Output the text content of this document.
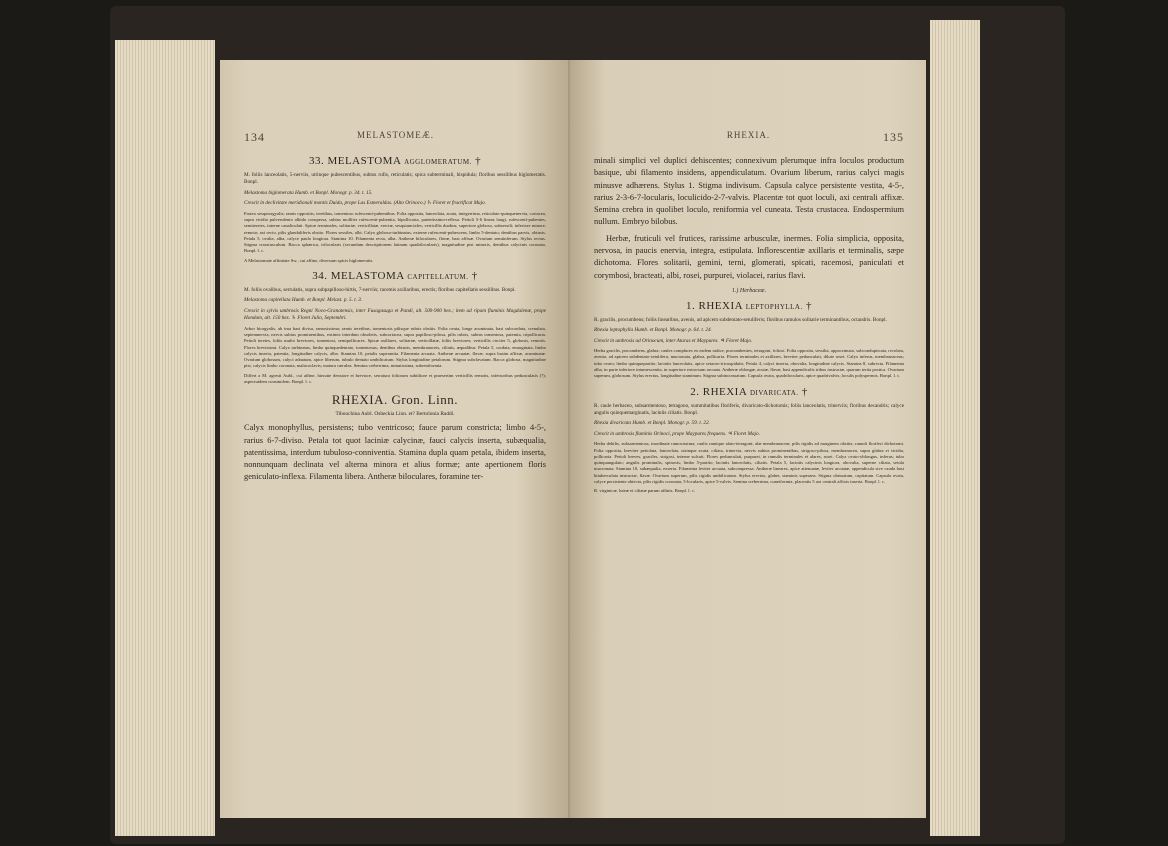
134	MELASTOMEÆ.
33. MELASTOMA AGGLOMERATUM. †

M. foliis lanceolatis, 5-nerviis, utrinque pubescentibus, subtus rufis, reticulatis; spica subterminali, hispidula; floribus sessilibus biglomeratis. Bonpl.

Melastoma biglomerata Humb. et Bonpl. Monogr. p. 34. t. 15.

Crescit in declivitate meridionali montis Duida, prope Las Esmeraldas. (Alto Orinoco.) ♄ Floret et fructificat Majo.

Frutex sesquiorgyalis; ramis oppositis, teretibus, tomentoso rufescenti-pubentibus. Folia opposita, lanceolata, acuta, integerrima, reticulato-quinquenervia, coriacea, supra viridia pulverulento albido conspersa, subtus molliter rufescenti-pubentia, bipollicaria, patentissimo-reflexa. Petioli 5-6 lineas longi, rufescenti-pubentes, semiteretes, interne canaliculati. Spicæ terminales, solitariæ, verticillatæ, erectæ, sesquiunciales; verticillis duobus; superiore globoso, subsessili; inferiore minore, remoto; axi recto, pilis glanduliferis obsito. Flores sessiles, albi. Calyx globoso-turbinatus, externe rufescenti-pubescens, limbo 5-dentato; dentibus parvis, obtusis. Petala 5, ovalia, alba, calyce paulo longiora. Stamina 10. Filamenta recta, alba. Antheræ biloculares, flavæ, basi affixæ. Ovarium semiinferum. Stylus rectus. Stigma crassiusculum. Bacca sphærica, trilocularis (secundum descriptionem latinam quadrilocularis), magnitudine pisi minoris, dentibus calycinis coronata. Bonpl. l. c.

A Melastomate affinitate Sw., cui affine, diversum spicis biglomeratis.

34. MELASTOMA CAPITELLATUM. †

M. foliis ovalibus, serrulatis, supra subpapilloso-hirtis, 7-nerviis; racemis axillaribus, erectis; floribus capitellatis sessilibus. Bonpl.

Melastoma capitellata Humb. et Bonpl. Melast. p. 5. t. 3.

Crescit in sylvis umbrosis Regni Novo-Granatensis, inter Fusagasuga et Pandi, alt. 500-900 hex.; item ad ripam fluminis Magdalenæ, prope Hondam, alt. 150 hex. ♄ Floret Julio, Septembri.

Arbor biorgyalis, ab ima basi divisa, ramosissima; ramis teretibus, tomentosis pilisque rubris obsitis. Folia ovata, longe acuminata, basi subcordata, crenulata, septemnervia, nervis subtus prominentibus, extimis interdum obsoletis, subcoriacea, supra papilloso-pilosa, pilis rubris, subtus tomentosa, patentia, tripollicaria. Petioli teretes, foliis multo breviores, tomentosi, semipollicares. Spicæ axillares, solitariæ, verticillatæ, foliis breviores; verticillis circiter 5, globosis, remotis. Flores brevissimi. Calyx turbinatus, limbo quinquedentato, tomentosus; dentibus obtusis, membranaceis, ciliatis, æqualibus. Petala 5, cordata, emarginata, limbo calycis inserta, patentia, longitudine calycis, alba. Stamina 10, petalis superantia. Filamenta arcuata. Antheræ arcuatæ, flavæ, supra basim affixæ, acuminatæ. Ovarium globosum, calyci adnatum, apice liberum, tubulo dentato umbilicatum. Stylus longitudine petalorum. Stigma subclavatum. Bacca globosa, magnitudine pisi, calycis limbo coronata, malacoclavis; matura cærulea. Semina creberrima, minutissima, subreniformia.

Differt a M. agresti Aubl., cui affine, hirsutie densiore et breviore, serratura foliorum subtiliore et praesertim verticillis remotis, inferioribus pedunculatis (?); aspectuidem consimilem. Bonpl. l. c.

RHEXIA. Gron. Linn.
Tibouchina Aubl. Osbeckia Linn. et? Bertolonia Raddi.

Calyx monophyllus, persistens; tubo ventricoso; fauce parum constricta; limbo 4-5-, rarius 6-7-diviso. Petala tot quot laciniæ calycinæ, fauci calycis inserta, subæqualia, patentissima, interdum tubuloso-conniventia. Stamina dupla quam petala, ibidem inserta, nonnunquam declinata vel alterna minora et alius formæ; ante apertionem floris geniculato-inflexa. Filamenta libera. Antheræ biloculares, foramine ter-

RHEXIA.	135

minali simplici vel duplici dehiscentes; connexivum plerumque infra loculos productum basique, ubi filamento insidens, appendiculatum. Ovarium liberum, rarius calyci magis minusve adhærens. Stylus 1. Stigma indivisum. Capsula calyce persistente vestita, 4-5-, rarius 2-3-6-7-locularis, loculicido-2-7-valvis. Placentæ tot quot loculi, axi centrali affixæ. Semina crebra in quolibet loculo, reniformia vel cuneata. Testa crustacea. Endospermium nullum. Embryo bilobus.

Herbæ, fruticuli vel frutices, rarissime arbusculæ, inermes. Folia simplicia, opposita, nervosa, in paucis enervia, integra, estipulata. Inflorescentiæ axillaris et terminalis, sæpe dichotoma. Flores solitarii, gemini, terni, glomerati, spicati, racemosi, paniculati et corymbosi, bracteati, albi, rosei, purpurei, violacei, rarius flavi.

1.) Herbaceæ.
1. RHEXIA LEPTOPHYLLA. †

R. gracilis, procumbens; foliis linearibus, avenis, ad apicem subdentato-setuliferis; floribus ramulos solitarie terminantibus, octandris. Bonpl.

Rhexia leptophylla Humb. et Bonpl. Monogr. p. 64. t. 24.

Crescit in umbrosis ad Orinocum, inter Aturas et Maypures. ♃ Floret Majo.

Herba gracilis, procumbens, glabra; caules complures ex eadem radice, procumbentes, tetragoni, foliosi. Folia opposita, sessilia, approximata, subcondupticata, recolata, avenia, ad apicem subdentato-setulifera, mucronata, glabra, pollicaria. Flores terminales et axillares, breviter pedunculati, dilute rosei. Calyx inferus, membranaceus; tubo ovato; limbo quinquepartito; laciniis lanceolatis, apice setaceo-tricuspidatis. Petala 4, calyci inserta, obovalia, longitudine calycis. Stamina 8, subrecta. Filamenta alba, in parte inferiore intumescentia, in superiore extrorsum arcuata. Antheræ oblongæ, acutæ, flavæ, basi appendiculis tribus instructæ, quarum tertia postica. Ovarium superum, globosum. Stylus erectus, longitudine staminum. Stigma subincrassatum. Capsula ovata, quadrilocularis, apice quadrivalvis; loculis polyspermis. Bonpl. l. c.

2. RHEXIA DIVARICATA. †

R. caule herbaceo, subsarmentoso, tetragono, summitatibus floriferis, divaricato-dichotomis; foliis lanceolatis, trinerviis; floribus decandris; calyce angulis quinquemarginatis, laciniis ciliatis. Bonpl.

Rhexia divaricata Humb. et Bonpl. Monogr. p. 59. t. 22.

Crescit in umbrosis fluminis Orinoci, prope Maypures frequens. ♃ Floret Majo.

Herba debilis, subsarmentosa, inordinate ramosissima; caulis ramique alato-tetragoni; alæ membranaceæ, pilis rigidis ad marginem obsitis; ramuli floriferi dichotomi. Folia opposita, breviter petiolata, lanceolata, utrinque acuta, ciliata, trinervia, nervis subtus prominentibus, strigoso-pilosa, membranacea, supra glabra et viridia, pollicaria. Petioli breves, graciles, strigosi, interne sulcati. Flores pedunculati, purpurei, in ramulis terminales et alares, rosei. Calyx ovato-oblongus, inferus; tubo quinquangulato; angulis prominulis, spinosis; limbo 5-partito; laciniis lanceolatis, ciliatis. Petala 5, laciniis calycinis longiora, obovalia, superne ciliata, setula mucronata. Stamina 10, subæqualia, exserta. Filamenta leviter arcuata, subcompressa. Antheræ lineares, apice attenuatæ, leviter arcuatæ, appendicula sive cauda basi bituberculata instructæ, flavæ. Ovarium superum, pilis rigidis umbilicatum. Stylus erectus, glaber, staminis superans. Stigma obtusatum, capitatum. Capsula ovata, calyce persistente obtecta, pilis rigidis coronata, 5-locularis, apice 5-valvis. Semina creberrima, cuneiformia, placentis 5 axi centrali affixis inserta. Bonpl. l. c.

R. virginicæ, luteæ et ciliatæ parum affinis. Bonpl. l. c.
